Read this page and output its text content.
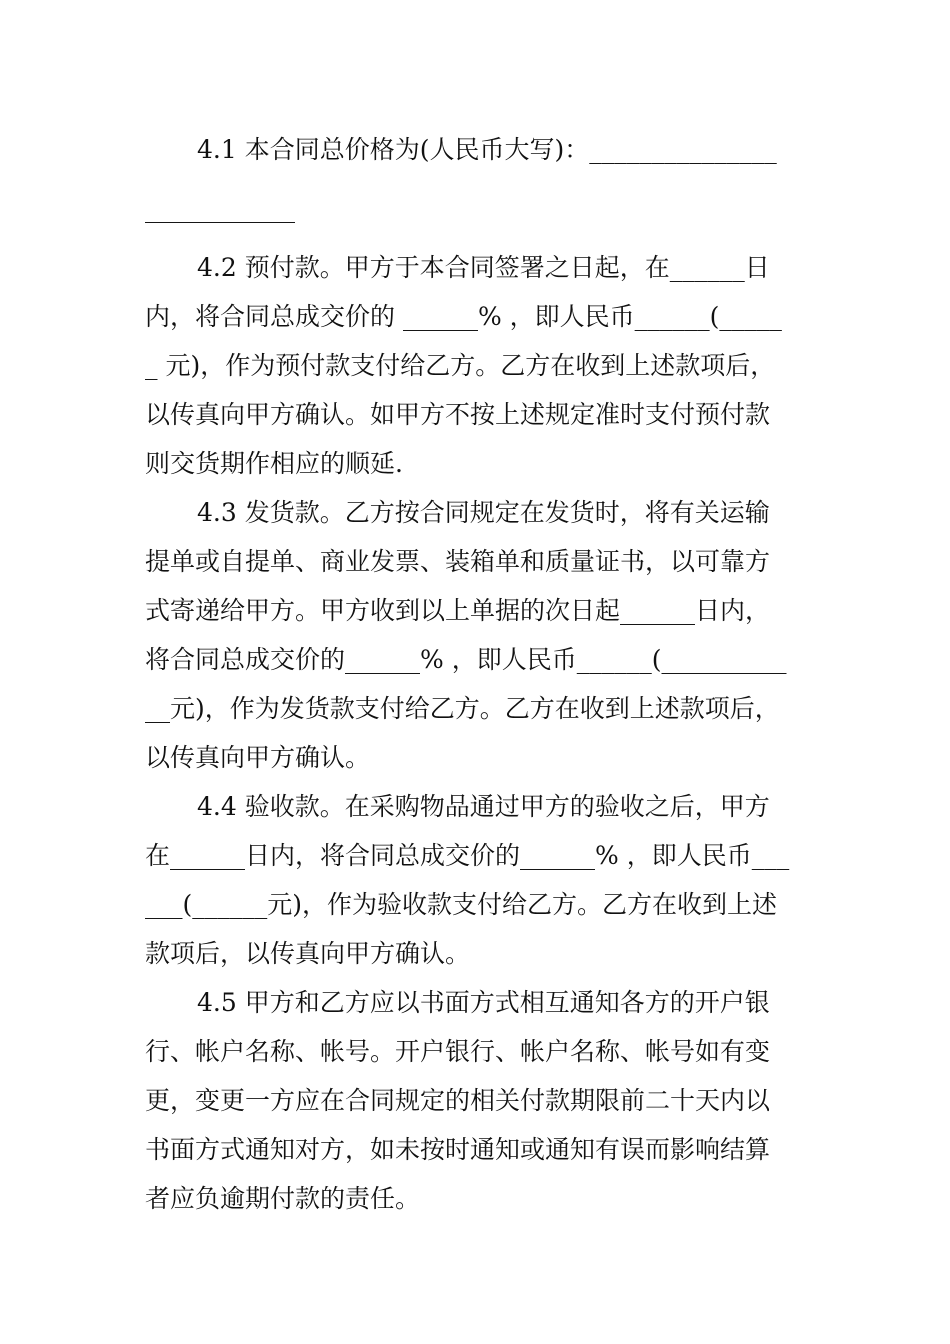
4.1 本合同总价格为(人民币大写)：_______________
____________
4.2 预付款。甲方于本合同签署之日起，在______日
内，将合同总成交价的 ______% ，即人民币______(_____
_ 元)，作为预付款支付给乙方。乙方在收到上述款项后，
以传真向甲方确认。如甲方不按上述规定准时支付预付款
则交货期作相应的顺延.
4.3 发货款。乙方按合同规定在发货时，将有关运输
提单或自提单、商业发票、装箱单和质量证书，以可靠方
式寄递给甲方。甲方收到以上单据的次日起______日内，
将合同总成交价的______% ，即人民币______(__________
__元)，作为发货款支付给乙方。乙方在收到上述款项后，
以传真向甲方确认。
4.4 验收款。在采购物品通过甲方的验收之后，甲方
在______日内，将合同总成交价的______% ，即人民币___
___(______元)，作为验收款支付给乙方。乙方在收到上述
款项后，以传真向甲方确认。
4.5 甲方和乙方应以书面方式相互通知各方的开户银
行、帐户名称、帐号。开户银行、帐户名称、帐号如有变
更，变更一方应在合同规定的相关付款期限前二十天内以
书面方式通知对方，如未按时通知或通知有误而影响结算
者应负逾期付款的责任。
